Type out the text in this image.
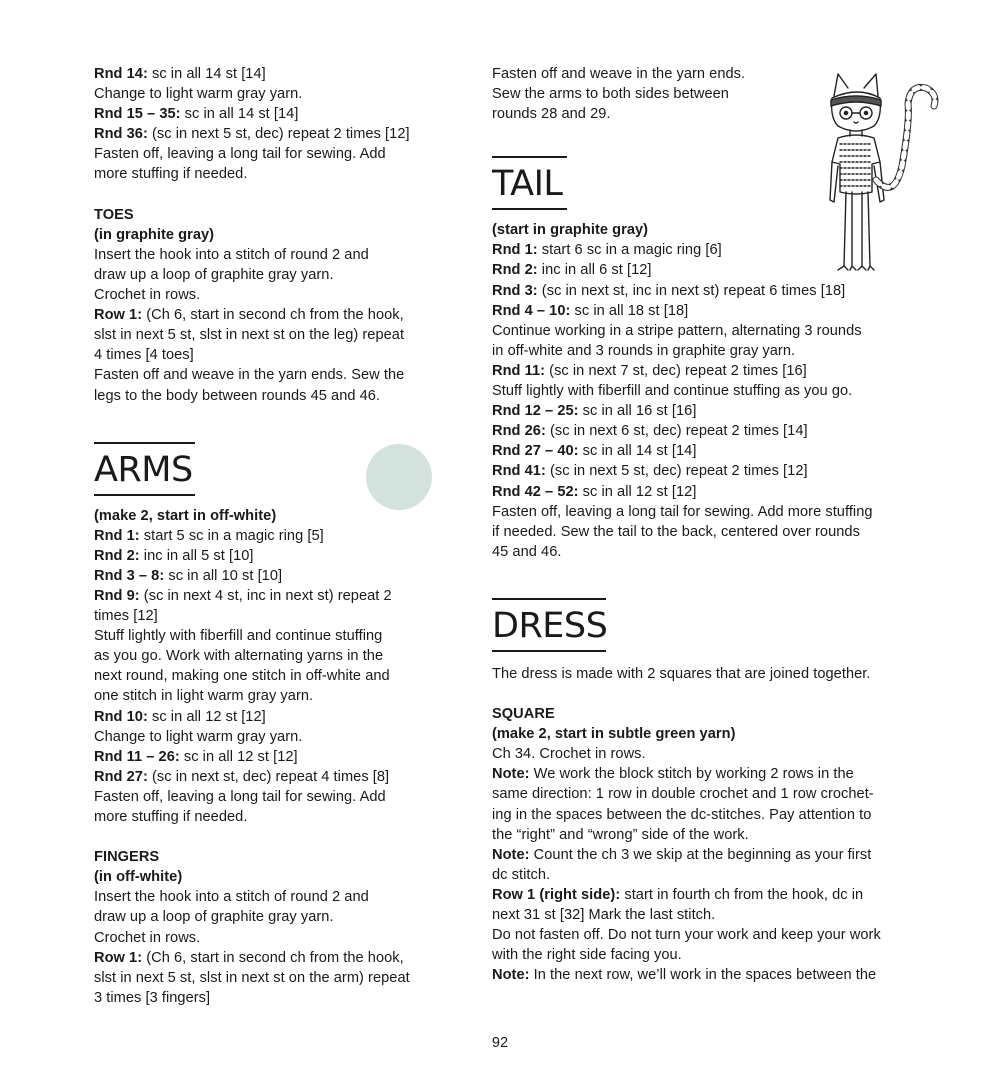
Rnd 14: sc in all 14 st [14]
Change to light warm gray yarn.
Rnd 15 – 35: sc in all 14 st [14]
Rnd 36: (sc in next 5 st, dec) repeat 2 times [12]
Fasten off, leaving a long tail for sewing. Add
more stuffing if needed.
TOES
(in graphite gray)
Insert the hook into a stitch of round 2 and
draw up a loop of graphite gray yarn.
Crochet in rows.
Row 1: (Ch 6, start in second ch from the hook,
slst in next 5 st, slst in next st on the leg) repeat
4 times [4 toes]
Fasten off and weave in the yarn ends. Sew the
legs to the body between rounds 45 and 46.
ARMS
(make 2, start in off-white)
Rnd 1: start 5 sc in a magic ring [5]
Rnd 2: inc in all 5 st [10]
Rnd 3 – 8: sc in all 10 st [10]
Rnd 9: (sc in next 4 st, inc in next st) repeat 2
times [12]
Stuff lightly with fiberfill and continue stuffing
as you go. Work with alternating yarns in the
next round, making one stitch in off-white and
one stitch in light warm gray yarn.
Rnd 10: sc in all 12 st [12]
Change to light warm gray yarn.
Rnd 11 – 26: sc in all 12 st [12]
Rnd 27: (sc in next st, dec) repeat 4 times [8]
Fasten off, leaving a long tail for sewing. Add
more stuffing if needed.
FINGERS
(in off-white)
Insert the hook into a stitch of round 2 and
draw up a loop of graphite gray yarn.
Crochet in rows.
Row 1: (Ch 6, start in second ch from the hook,
slst in next 5 st, slst in next st on the arm) repeat
3 times [3 fingers]
Fasten off and weave in the yarn ends.
Sew the arms to both sides between
rounds 28 and 29.
TAIL
(start in graphite gray)
Rnd 1: start 6 sc in a magic ring [6]
Rnd 2: inc in all 6 st [12]
Rnd 3: (sc in next st, inc in next st) repeat 6 times [18]
Rnd 4 – 10: sc in all 18 st [18]
Continue working in a stripe pattern, alternating 3 rounds
in off-white and 3 rounds in graphite gray yarn.
Rnd 11: (sc in next 7 st, dec) repeat 2 times [16]
Stuff lightly with fiberfill and continue stuffing as you go.
Rnd 12 – 25: sc in all 16 st [16]
Rnd 26: (sc in next 6 st, dec) repeat 2 times [14]
Rnd 27 – 40: sc in all 14 st [14]
Rnd 41: (sc in next 5 st, dec) repeat 2 times [12]
Rnd 42 – 52: sc in all 12 st [12]
Fasten off, leaving a long tail for sewing. Add more stuffing
if needed. Sew the tail to the back, centered over rounds
45 and 46.
DRESS
The dress is made with 2 squares that are joined together.
SQUARE
(make 2, start in subtle green yarn)
Ch 34. Crochet in rows.
Note: We work the block stitch by working 2 rows in the
same direction: 1 row in double crochet and 1 row crochet-
ing in the spaces between the dc-stitches. Pay attention to
the “right” and “wrong” side of the work.
Note: Count the ch 3 we skip at the beginning as your first
dc stitch.
Row 1 (right side): start in fourth ch from the hook, dc in
next 31 st [32] Mark the last stitch.
Do not fasten off. Do not turn your work and keep your work
with the right side facing you.
Note: In the next row, we’ll work in the spaces between the
92
